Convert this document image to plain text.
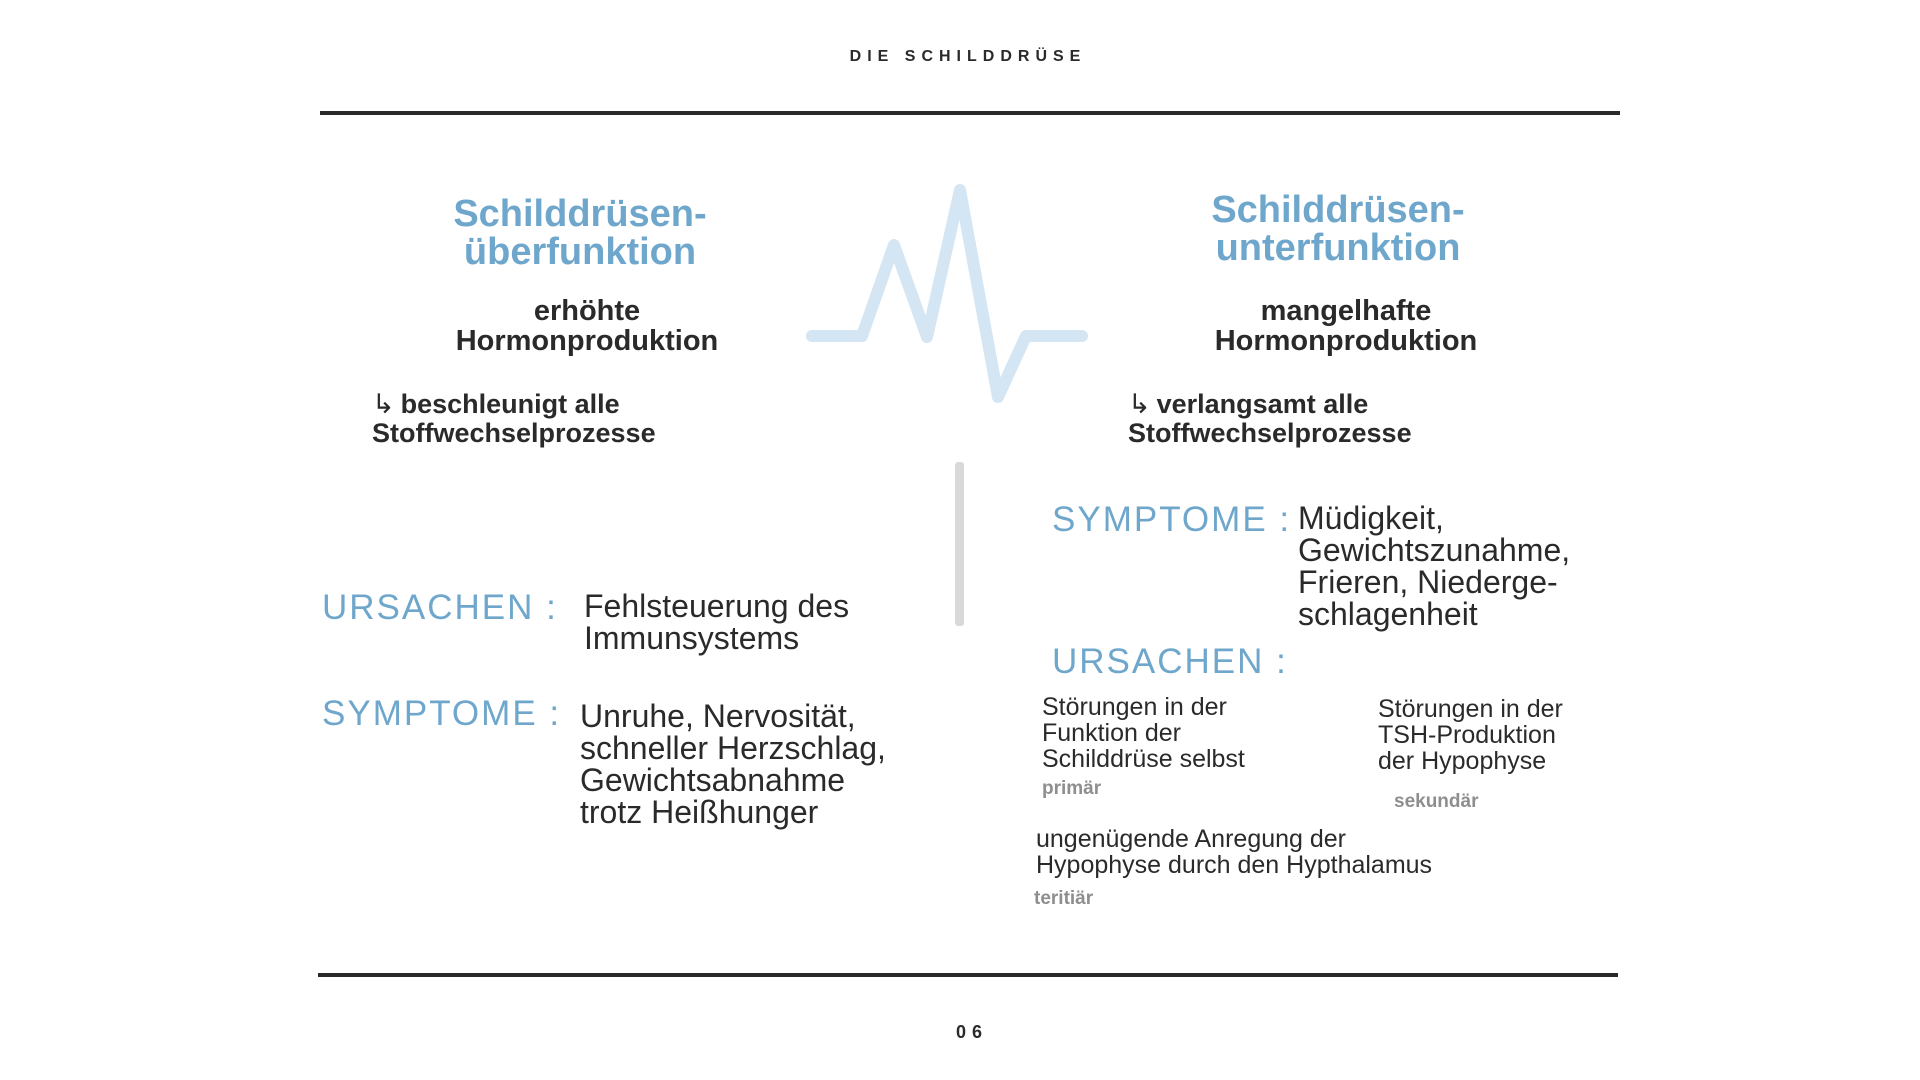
DIE SCHILDDRÜSE
Schilddrüsen-
überfunktion
erhöhte
Hormonproduktion
↳ beschleunigt alle
Stoffwechselprozesse
URSACHEN : Fehlsteuerung des
Immunsystems
SYMPTOME : Unruhe, Nervosität,
schneller Herzschlag,
Gewichtsabnahme
trotz Heißhunger
Schilddrüsen-
unterfunktion
mangelhafte
Hormonproduktion
↳ verlangsamt alle
Stoffwechselprozesse
SYMPTOME : Müdigkeit,
Gewichtszunahme,
Frieren, Niederge-
schlagenheit
URSACHEN :
Störungen in der
Funktion der
Schilddrüse selbst
primär
Störungen in der
TSH-Produktion
der Hypophyse
sekundär
ungenügende Anregung der
Hypophyse durch den Hypthalamus
teritiär
06
